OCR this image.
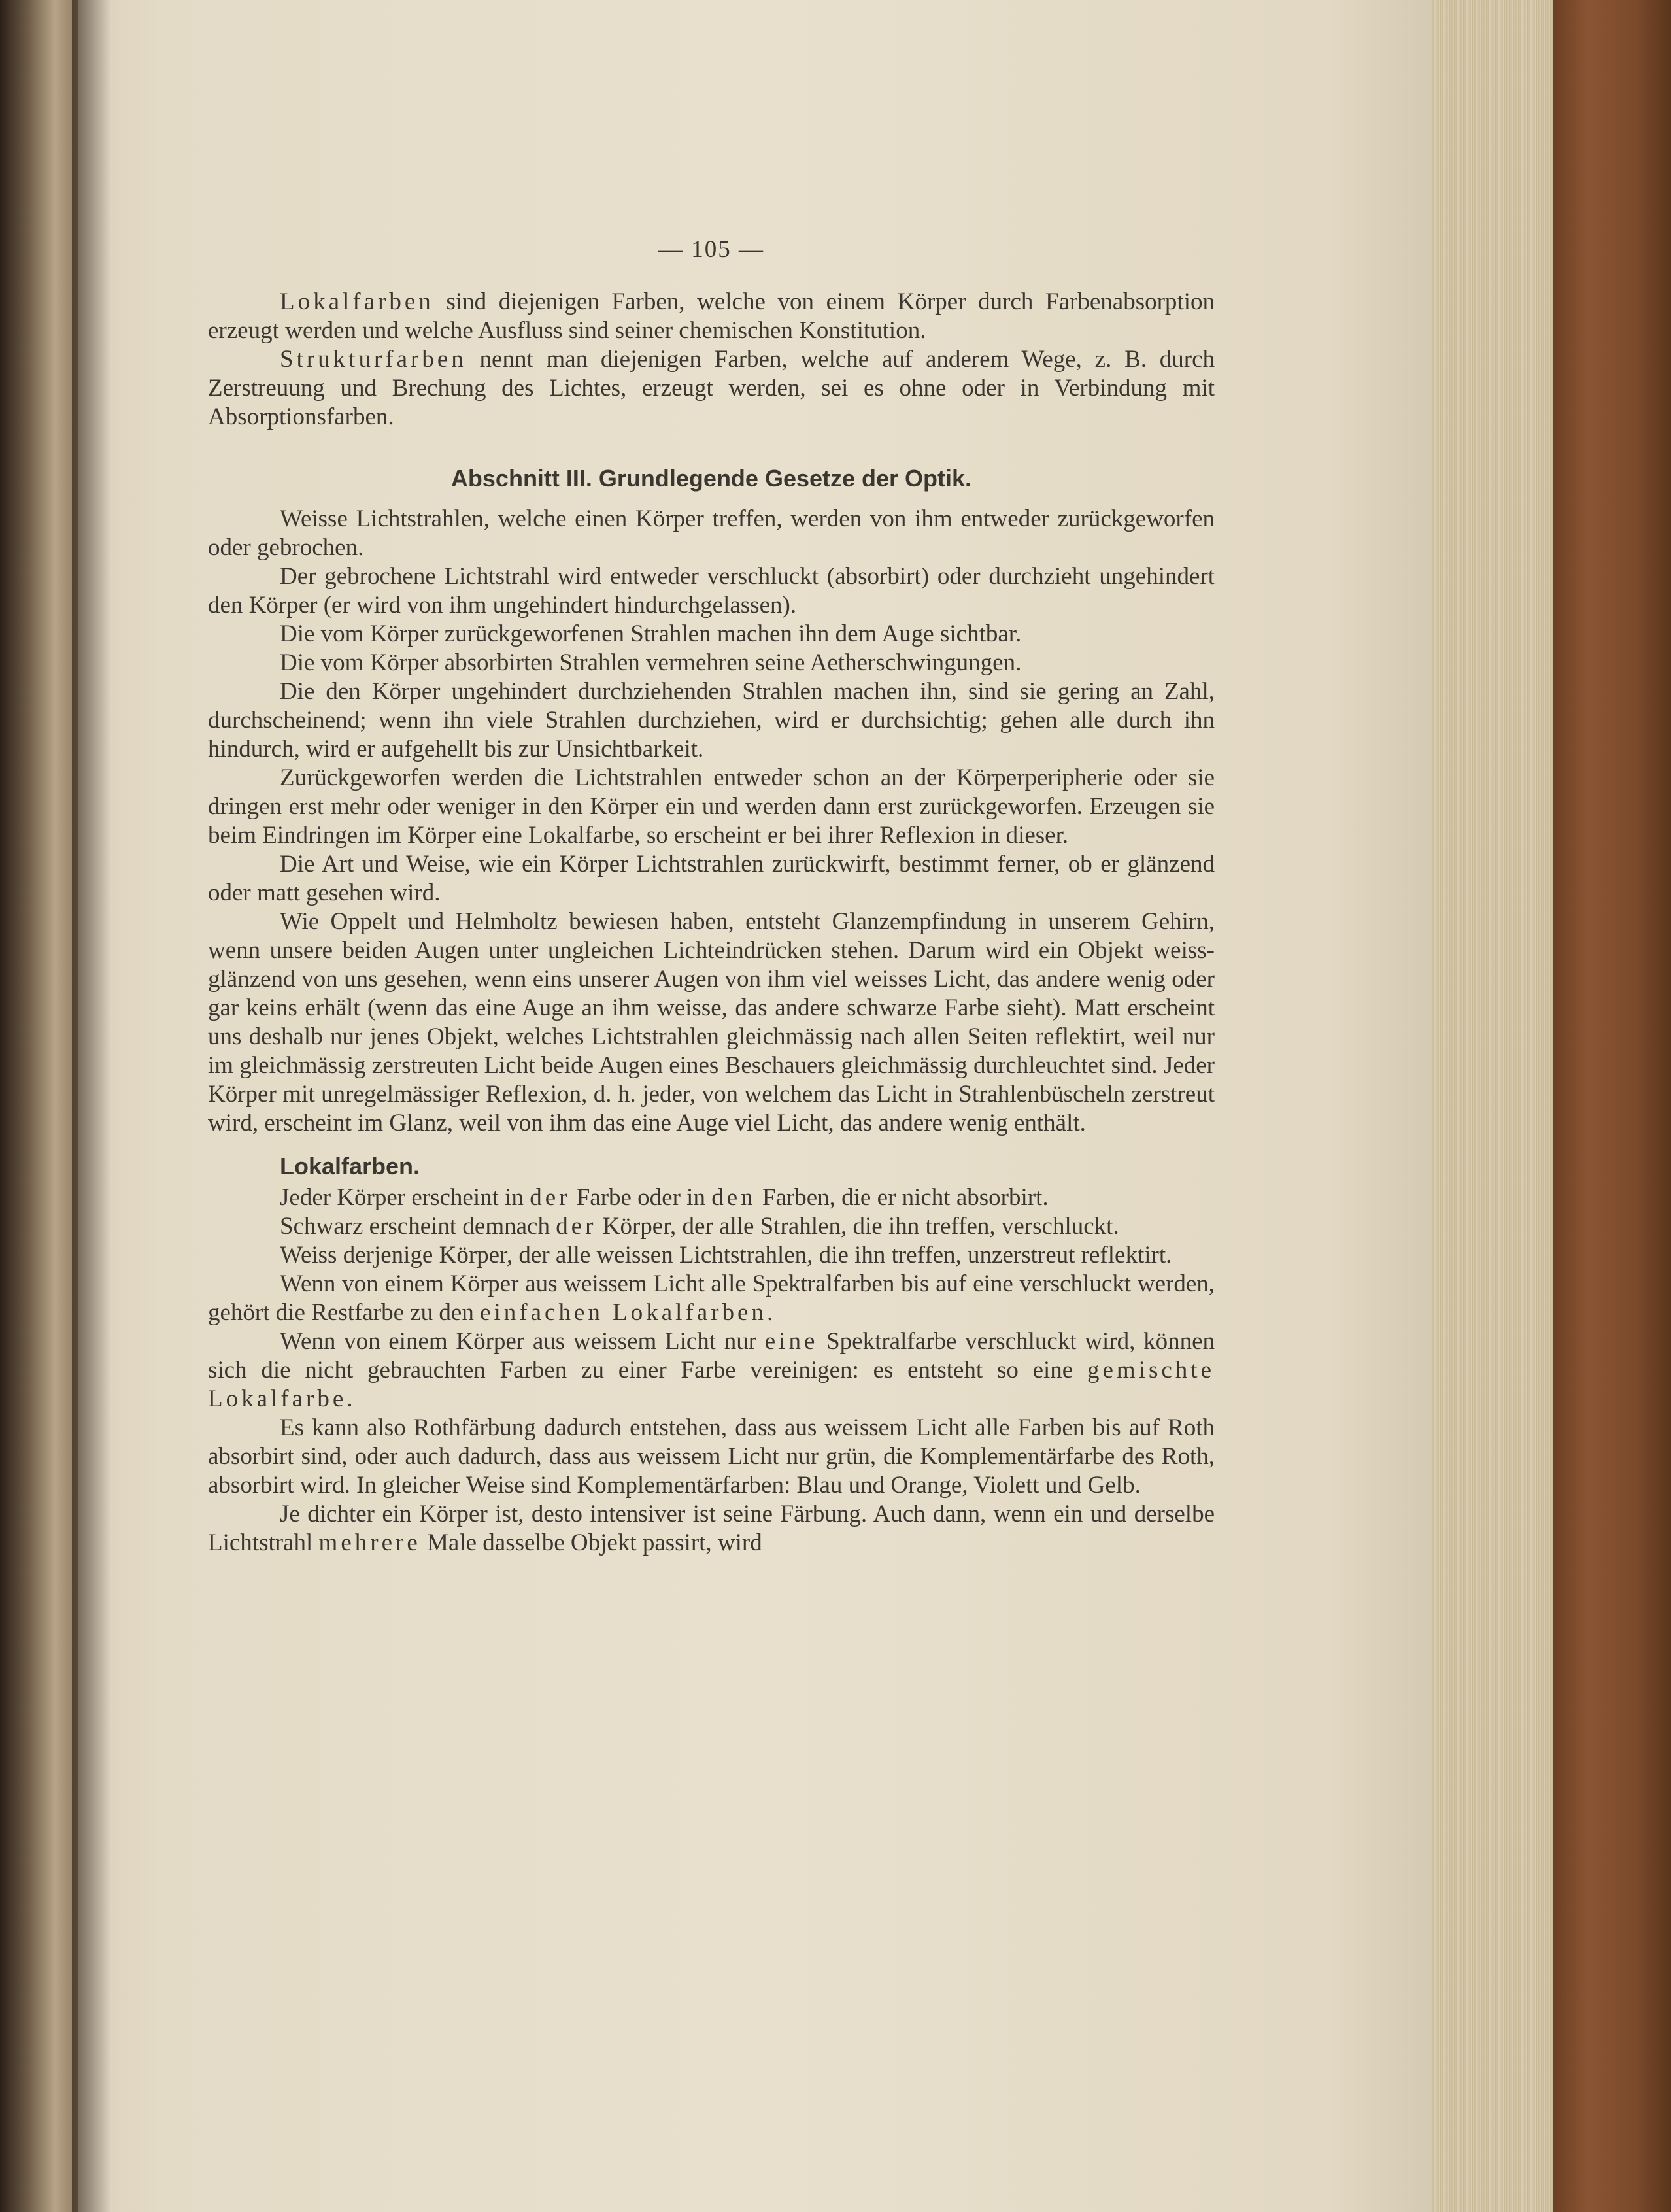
— 105 —

Lokalfarben sind diejenigen Farben, welche von einem Körper durch Farbenabsorption erzeugt werden und welche Ausfluss sind seiner chemischen Konstitution.

Strukturfarben nennt man diejenigen Farben, welche auf anderem Wege, z. B. durch Zerstreuung und Brechung des Lichtes, erzeugt werden, sei es ohne oder in Verbindung mit Absorptionsfarben.

Abschnitt III. Grundlegende Gesetze der Optik.

Weisse Lichtstrahlen, welche einen Körper treffen, werden von ihm entweder zurückgeworfen oder gebrochen.

Der gebrochene Lichtstrahl wird entweder verschluckt (absorbirt) oder durchzieht ungehindert den Körper (er wird von ihm ungehindert hindurchgelassen).

Die vom Körper zurückgeworfenen Strahlen machen ihn dem Auge sichtbar.

Die vom Körper absorbirten Strahlen vermehren seine Aetherschwingungen.

Die den Körper ungehindert durchziehenden Strahlen machen ihn, sind sie gering an Zahl, durchscheinend; wenn ihn viele Strahlen durchziehen, wird er durchsichtig; gehen alle durch ihn hindurch, wird er aufgehellt bis zur Unsichtbarkeit.

Zurückgeworfen werden die Lichtstrahlen entweder schon an der Körperperipherie oder sie dringen erst mehr oder weniger in den Körper ein und werden dann erst zurückgeworfen. Erzeugen sie beim Eindringen im Körper eine Lokalfarbe, so erscheint er bei ihrer Reflexion in dieser.

Die Art und Weise, wie ein Körper Lichtstrahlen zurückwirft, bestimmt ferner, ob er glänzend oder matt gesehen wird.

Wie Oppelt und Helmholtz bewiesen haben, entsteht Glanzempfindung in unserem Gehirn, wenn unsere beiden Augen unter ungleichen Lichteindrücken stehen. Darum wird ein Objekt weiss-glänzend von uns gesehen, wenn eins unserer Augen von ihm viel weisses Licht, das andere wenig oder gar keins erhält (wenn das eine Auge an ihm weisse, das andere schwarze Farbe sieht). Matt erscheint uns deshalb nur jenes Objekt, welches Lichtstrahlen gleichmässig nach allen Seiten reflektirt, weil nur im gleichmässig zerstreuten Licht beide Augen eines Beschauers gleichmässig durchleuchtet sind. Jeder Körper mit unregelmässiger Reflexion, d. h. jeder, von welchem das Licht in Strahlenbüscheln zerstreut wird, erscheint im Glanz, weil von ihm das eine Auge viel Licht, das andere wenig enthält.

Lokalfarben.

Jeder Körper erscheint in der Farbe oder in den Farben, die er nicht absorbirt.

Schwarz erscheint demnach der Körper, der alle Strahlen, die ihn treffen, verschluckt.

Weiss derjenige Körper, der alle weissen Lichtstrahlen, die ihn treffen, unzerstreut reflektirt.

Wenn von einem Körper aus weissem Licht alle Spektralfarben bis auf eine verschluckt werden, gehört die Restfarbe zu den einfachen Lokalfarben.

Wenn von einem Körper aus weissem Licht nur eine Spektralfarbe verschluckt wird, können sich die nicht gebrauchten Farben zu einer Farbe vereinigen: es entsteht so eine gemischte Lokalfarbe.

Es kann also Rothfärbung dadurch entstehen, dass aus weissem Licht alle Farben bis auf Roth absorbirt sind, oder auch dadurch, dass aus weissem Licht nur grün, die Komplementärfarbe des Roth, absorbirt wird. In gleicher Weise sind Komplementärfarben: Blau und Orange, Violett und Gelb.

Je dichter ein Körper ist, desto intensiver ist seine Färbung. Auch dann, wenn ein und derselbe Lichtstrahl mehrere Male dasselbe Objekt passirt, wird
